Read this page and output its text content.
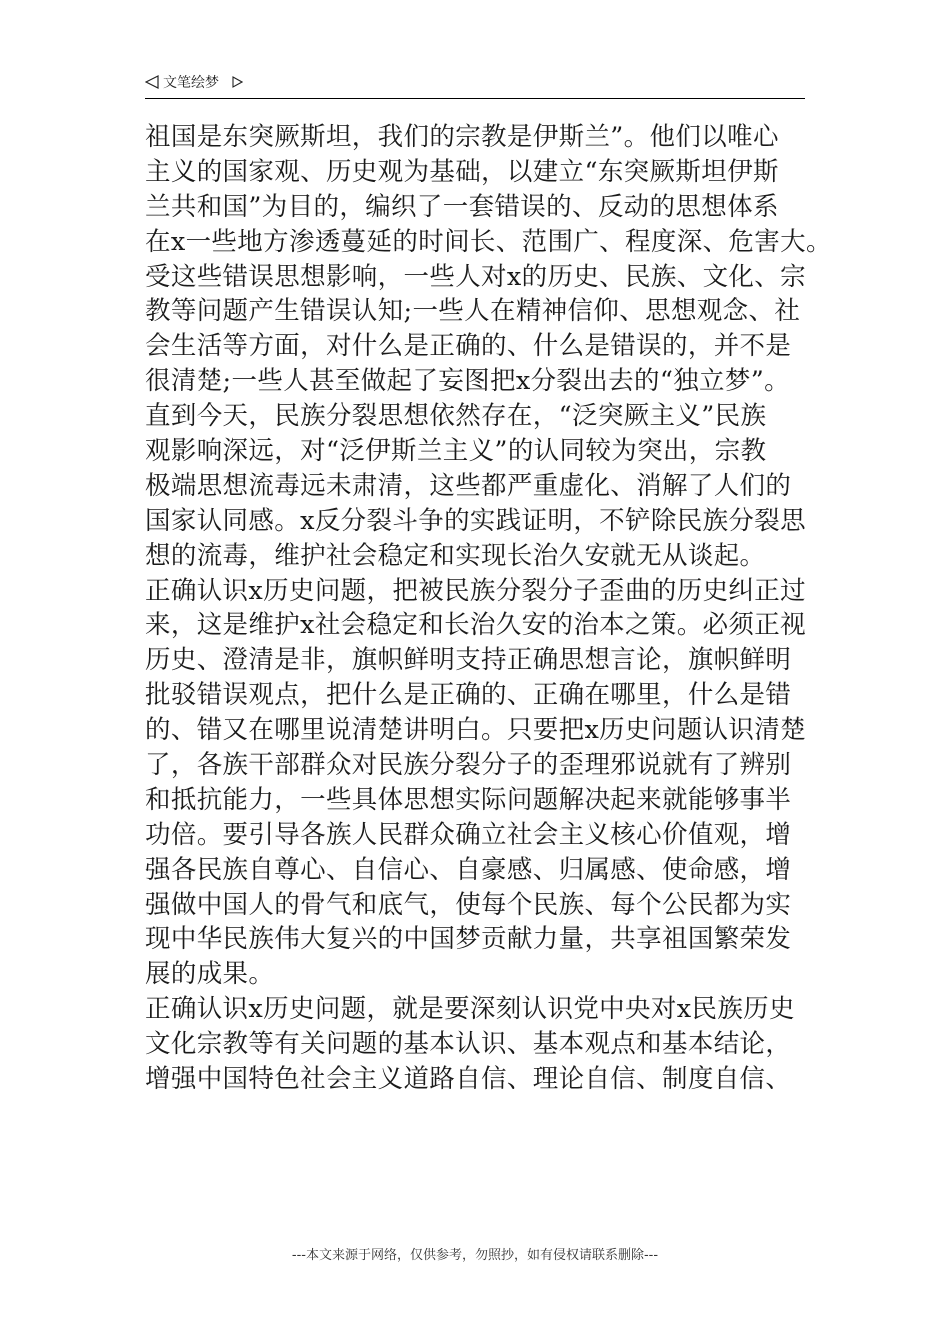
文笔绘梦
祖国是东突厥斯坦，我们的宗教是伊斯兰”。他们以唯心
主义的国家观、历史观为基础，以建立“东突厥斯坦伊斯
兰共和国”为目的，编织了一套错误的、反动的思想体系
在x一些地方渗透蔓延的时间长、范围广、程度深、危害大。
受这些错误思想影响，一些人对x的历史、民族、文化、宗
教等问题产生错误认知;一些人在精神信仰、思想观念、社
会生活等方面，对什么是正确的、什么是错误的，并不是
很清楚;一些人甚至做起了妄图把x分裂出去的“独立梦”。
直到今天，民族分裂思想依然存在，“泛突厥主义”民族
观影响深远，对“泛伊斯兰主义”的认同较为突出，宗教
极端思想流毒远未肃清，这些都严重虚化、消解了人们的
国家认同感。x反分裂斗争的实践证明，不铲除民族分裂思
想的流毒，维护社会稳定和实现长治久安就无从谈起。
正确认识x历史问题，把被民族分裂分子歪曲的历史纠正过
来，这是维护x社会稳定和长治久安的治本之策。必须正视
历史、澄清是非，旗帜鲜明支持正确思想言论，旗帜鲜明
批驳错误观点，把什么是正确的、正确在哪里，什么是错
的、错又在哪里说清楚讲明白。只要把x历史问题认识清楚
了，各族干部群众对民族分裂分子的歪理邪说就有了辨别
和抵抗能力，一些具体思想实际问题解决起来就能够事半
功倍。要引导各族人民群众确立社会主义核心价值观，增
强各民族自尊心、自信心、自豪感、归属感、使命感，增
强做中国人的骨气和底气，使每个民族、每个公民都为实
现中华民族伟大复兴的中国梦贡献力量，共享祖国繁荣发
展的成果。
正确认识x历史问题，就是要深刻认识党中央对x民族历史
文化宗教等有关问题的基本认识、基本观点和基本结论，
增强中国特色社会主义道路自信、理论自信、制度自信、
---本文来源于网络，仅供参考，勿照抄，如有侵权请联系删除---
